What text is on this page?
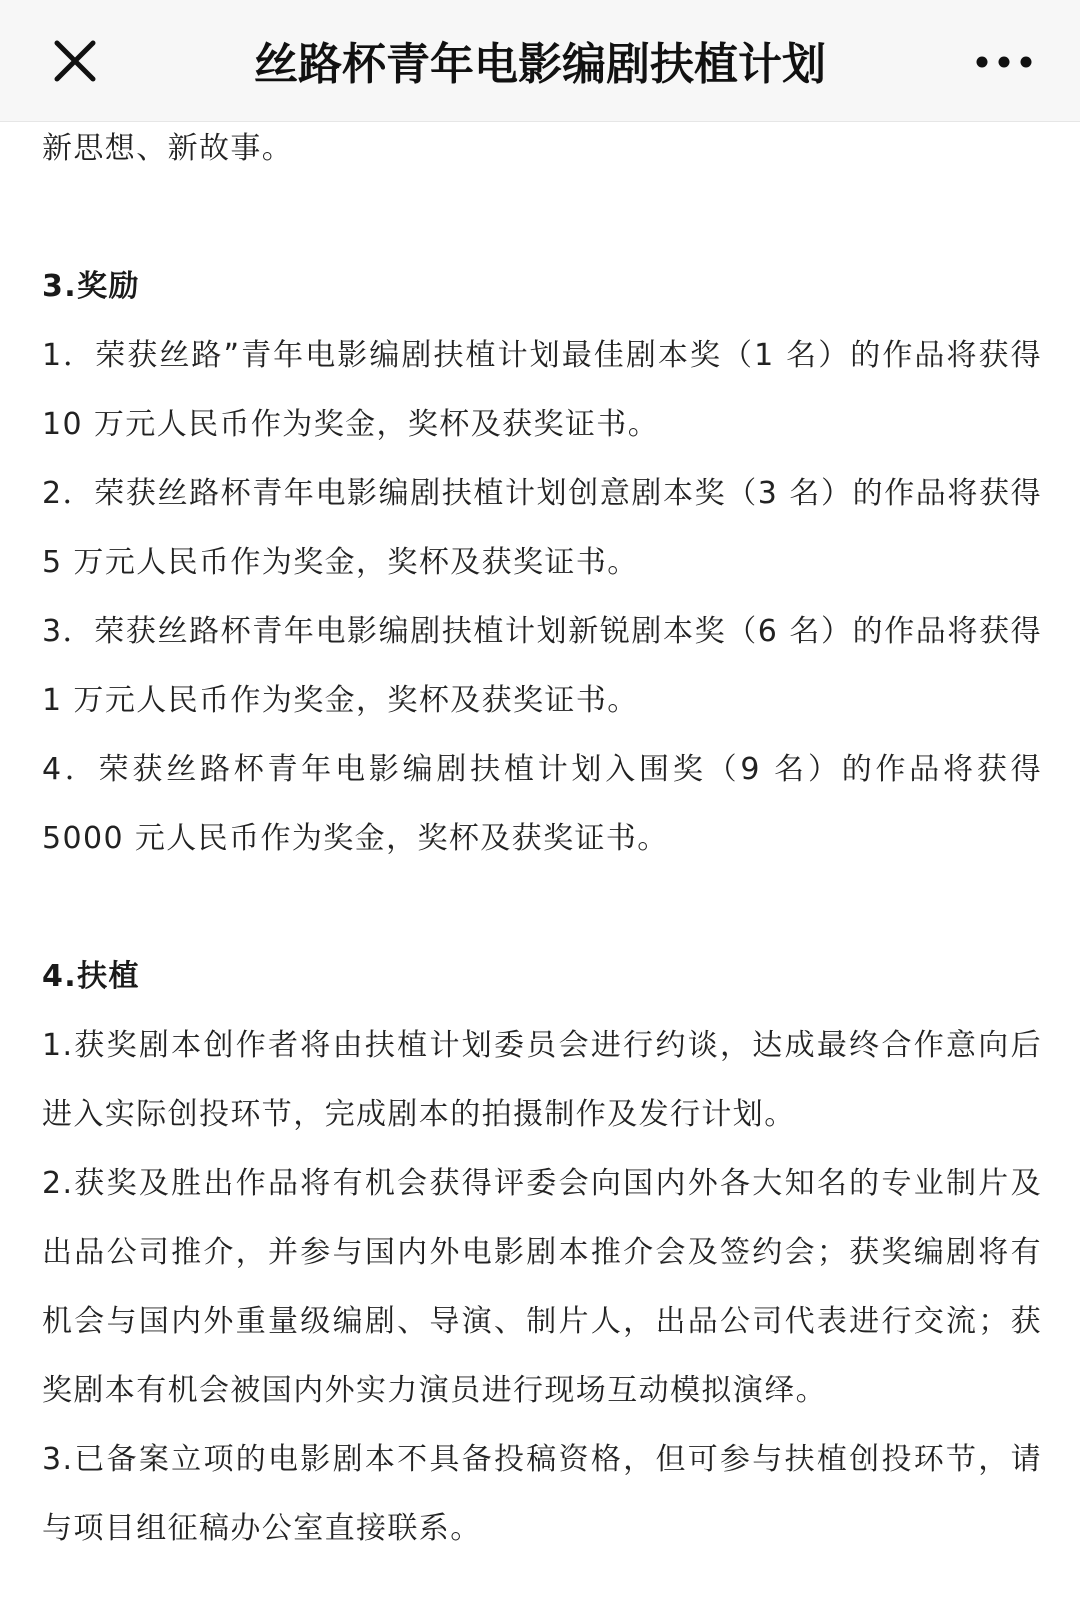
丝路杯青年电影编剧扶植计划

新思想、新故事。

3.奖励

1．荣获丝路”青年电影编剧扶植计划最佳剧本奖（1 名）的作品将获得 10 万元人民币作为奖金，奖杯及获奖证书。

2．荣获丝路杯青年电影编剧扶植计划创意剧本奖（3 名）的作品将获得 5 万元人民币作为奖金，奖杯及获奖证书。

3．荣获丝路杯青年电影编剧扶植计划新锐剧本奖（6 名）的作品将获得 1 万元人民币作为奖金，奖杯及获奖证书。

4．荣获丝路杯青年电影编剧扶植计划入围奖（9 名）的作品将获得 5000 元人民币作为奖金，奖杯及获奖证书。

4.扶植

1.获奖剧本创作者将由扶植计划委员会进行约谈，达成最终合作意向后进入实际创投环节，完成剧本的拍摄制作及发行计划。

2.获奖及胜出作品将有机会获得评委会向国内外各大知名的专业制片及出品公司推介，并参与国内外电影剧本推介会及签约会；获奖编剧将有机会与国内外重量级编剧、导演、制片人，出品公司代表进行交流；获奖剧本有机会被国内外实力演员进行现场互动模拟演绎。

3.已备案立项的电影剧本不具备投稿资格，但可参与扶植创投环节，请与项目组征稿办公室直接联系。
